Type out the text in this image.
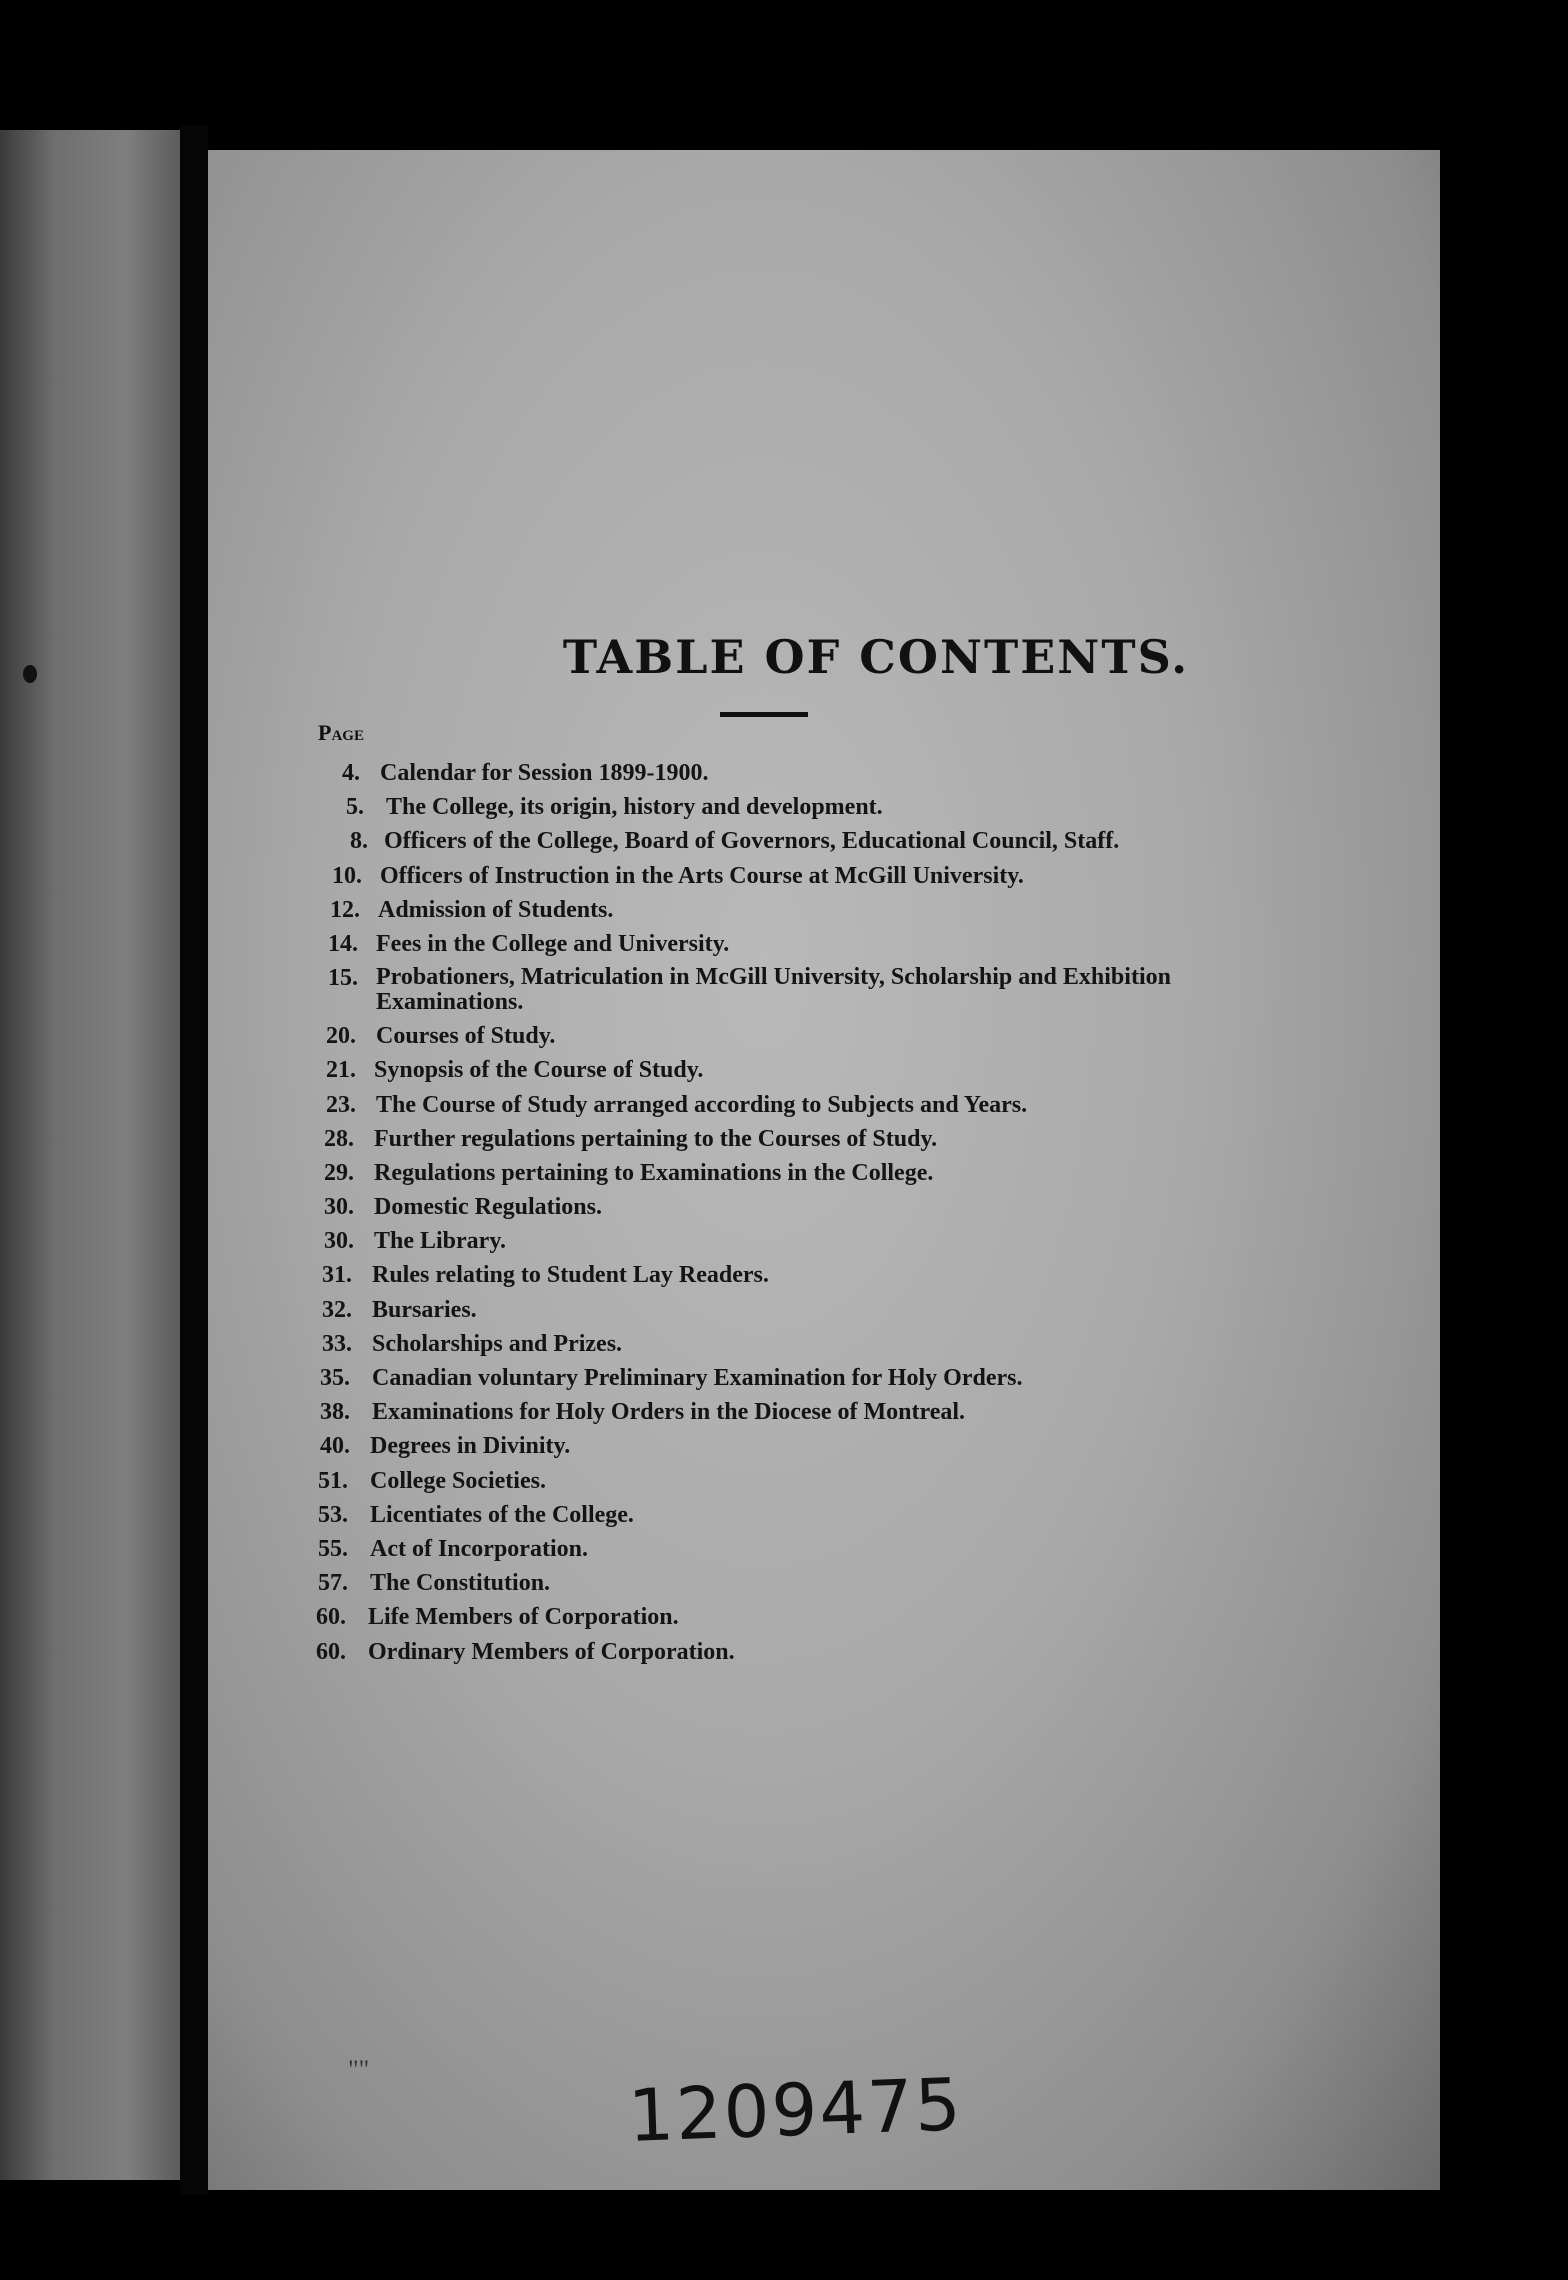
TABLE OF CONTENTS.
Page
4. Calendar for Session 1899-1900.
5. The College, its origin, history and development.
8. Officers of the College, Board of Governors, Educational Council, Staff.
10. Officers of Instruction in the Arts Course at McGill University.
12. Admission of Students.
14. Fees in the College and University.
15. Probationers, Matriculation in McGill University, Scholarship and Exhibition Examinations.
20. Courses of Study.
21. Synopsis of the Course of Study.
23. The Course of Study arranged according to Subjects and Years.
28. Further regulations pertaining to the Courses of Study.
29. Regulations pertaining to Examinations in the College.
30. Domestic Regulations.
30. The Library.
31. Rules relating to Student Lay Readers.
32. Bursaries.
33. Scholarships and Prizes.
35. Canadian voluntary Preliminary Examination for Holy Orders.
38. Examinations for Holy Orders in the Diocese of Montreal.
40. Degrees in Divinity.
51. College Societies.
53. Licentiates of the College.
55. Act of Incorporation.
57. The Constitution.
60. Life Members of Corporation.
60. Ordinary Members of Corporation.
""	1209475
